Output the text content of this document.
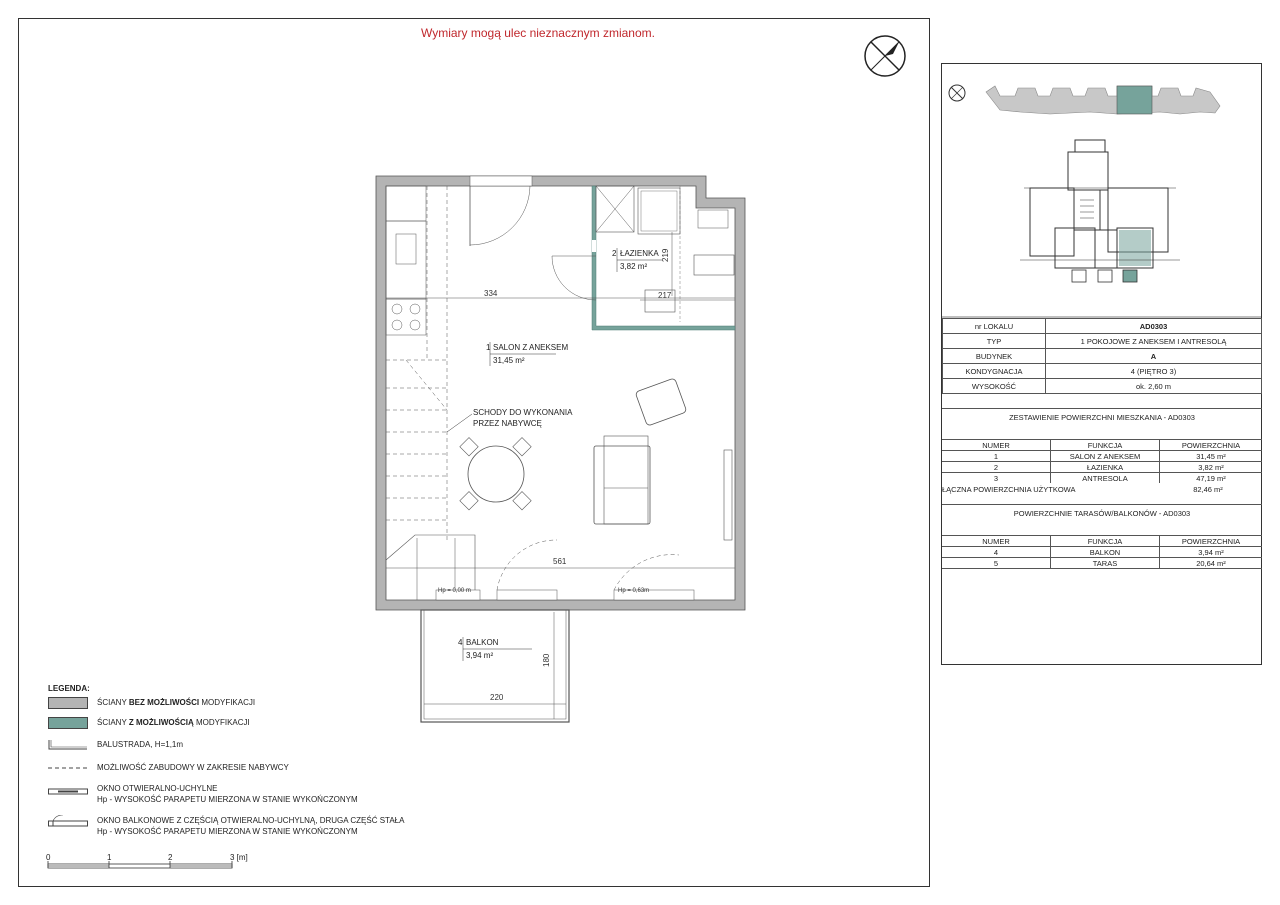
Wymiary mogą ulec nieznacznym zmianom.
334
561
220
180
219
217
1 SALON Z ANEKSEM
31,45 m²
2 ŁAZIENKA
3,82 m²
4 BALKON
3,94 m²
SCHODY DO WYKONANIA
PRZEZ NABYWCĘ
Hp = 0,00 m	Hp = 0,63m
LEGENDA:
ŚCIANY BEZ MOŻLIWOŚCI MODYFIKACJI
ŚCIANY Z MOŻLIWOŚCIĄ MODYFIKACJI
BALUSTRADA, H=1,1m
MOŻLIWOŚĆ ZABUDOWY W ZAKRESIE NABYWCY
OKNO OTWIERALNO-UCHYLNE
Hp - WYSOKOŚĆ PARAPETU MIERZONA W STANIE WYKOŃCZONYM
OKNO BALKONOWE Z CZĘŚCIĄ OTWIERALNO-UCHYLNĄ, DRUGA CZĘŚĆ STAŁA
Hp - WYSOKOŚĆ PARAPETU MIERZONA W STANIE WYKOŃCZONYM
0	1	2	3 [m]
nr LOKALU	AD0303
TYP	1 POKOJOWE Z ANEKSEM I ANTRESOLĄ
BUDYNEK	A
KONDYGNACJA	4 (PIĘTRO 3)
WYSOKOŚĆ	ok. 2,60 m
ZESTAWIENIE POWIERZCHNI MIESZKANIA - AD0303
NUMER	FUNKCJA	POWIERZCHNIA
1	SALON Z ANEKSEM	31,45 m²
2	ŁAZIENKA	3,82 m²
3	ANTRESOLA	47,19 m²
ŁĄCZNA POWIERZCHNIA UŻYTKOWA	82,46 m²
POWIERZCHNIE TARASÓW/BALKONÓW - AD0303
NUMER	FUNKCJA	POWIERZCHNIA
4	BALKON	3,94 m²
5	TARAS	20,64 m²
